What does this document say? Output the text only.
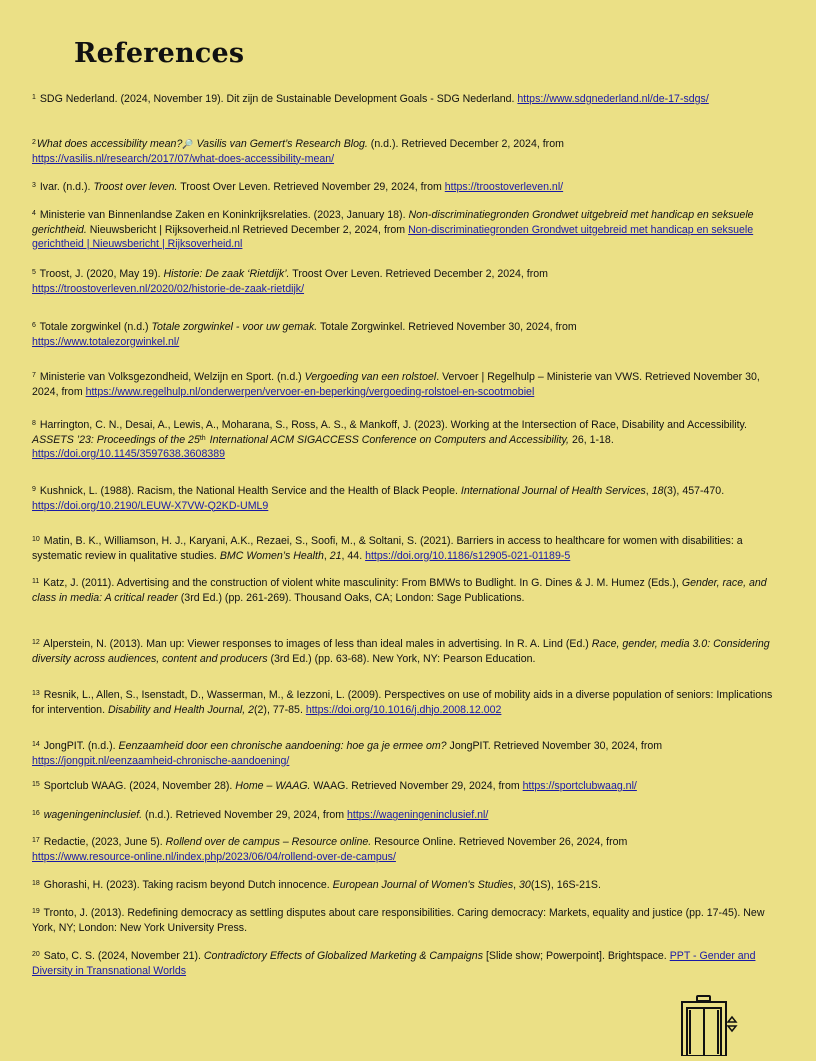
References
$^1$ SDG Nederland. (2024, November 19). Dit zijn de Sustainable Development Goals - SDG Nederland. https://www.sdgnederland.nl/de-17-sdgs/
$^2$What does accessibility mean?🔎 Vasilis van Gemert’s Research Blog. (n.d.). Retrieved December 2, 2024, from
https://vasilis.nl/research/2017/07/what-does-accessibility-mean/
$^3$ Ivar. (n.d.). Troost over leven. Troost Over Leven. Retrieved November 29, 2024, from https://troostoverleven.nl/
$^4$ Ministerie van Binnenlandse Zaken en Koninkrijksrelaties. (2023, January 18). Non-discriminatiegronden Grondwet uitgebreid met handicap en seksuele gerichtheid. Nieuwsbericht | Rijksoverheid.nl Retrieved December 2, 2024, from Non-discriminatiegronden Grondwet uitgebreid met handicap en seksuele gerichtheid | Nieuwsbericht | Rijksoverheid.nl
$^5$ Troost, J. (2020, May 19). Historie: De zaak ‘Rietdijk’. Troost Over Leven. Retrieved December 2, 2024, from
https://troostoverleven.nl/2020/02/historie-de-zaak-rietdijk/
$^6$ Totale zorgwinkel (n.d.) Totale zorgwinkel - voor uw gemak. Totale Zorgwinkel. Retrieved November 30, 2024, from
https://www.totalezorgwinkel.nl/
$^7$ Ministerie van Volksgezondheid, Welzijn en Sport. (n.d.) Vergoeding van een rolstoel. Vervoer | Regelhulp – Ministerie van VWS. Retrieved November 30, 2024, from https://www.regelhulp.nl/onderwerpen/vervoer-en-beperking/vergoeding-rolstoel-en-scootmobiel
$^8$ Harrington, C. N., Desai, A., Lewis, A., Moharana, S., Ross, A. S., & Mankoff, J. (2023). Working at the Intersection of Race, Disability and Accessibility. ASSETS ’23: Proceedings of the 25th International ACM SIGACCESS Conference on Computers and Accessibility, 26, 1-18.
https://doi.org/10.1145/3597638.3608389
$^9$ Kushnick, L. (1988). Racism, the National Health Service and the Health of Black People. International Journal of Health Services, 18(3), 457-470. https://doi.org/10.2190/LEUW-X7VW-Q2KD-UML9
$^{10}$ Matin, B. K., Williamson, H. J., Karyani, A.K., Rezaei, S., Soofi, M., & Soltani, S. (2021). Barriers in access to healthcare for women with disabilities: a systematic review in qualitative studies. BMC Women’s Health, 21, 44. https://doi.org/10.1186/s12905-021-01189-5
$^{11}$ Katz, J. (2011). Advertising and the construction of violent white masculinity: From BMWs to Budlight. In G. Dines & J. M. Humez (Eds.), Gender, race, and class in media: A critical reader (3rd Ed.) (pp. 261-269). Thousand Oaks, CA; London: Sage Publications.
$^{12}$ Alperstein, N. (2013). Man up: Viewer responses to images of less than ideal males in advertising. In R. A. Lind (Ed.) Race, gender, media 3.0: Considering diversity across audiences, content and producers (3rd Ed.) (pp. 63-68). New York, NY: Pearson Education.
$^{13}$ Resnik, L., Allen, S., Isenstadt, D., Wasserman, M., & Iezzoni, L. (2009). Perspectives on use of mobility aids in a diverse population of seniors: Implications for intervention. Disability and Health Journal, 2(2), 77-85. https://doi.org/10.1016/j.dhjo.2008.12.002
$^{14}$ JongPIT. (n.d.). Eenzaamheid door een chronische aandoening: hoe ga je ermee om? JongPIT. Retrieved November 30, 2024, from https://jongpit.nl/eenzaamheid-chronische-aandoening/
$^{15}$ Sportclub WAAG. (2024, November 28). Home – WAAG. WAAG. Retrieved November 29, 2024, from https://sportclubwaag.nl/
$^{16}$ wageningeninclusief. (n.d.). Retrieved November 29, 2024, from https://wageningeninclusief.nl/
$^{17}$ Redactie, (2023, June 5). Rollend over de campus – Resource online. Resource Online. Retrieved November 26, 2024, from
https://www.resource-online.nl/index.php/2023/06/04/rollend-over-de-campus/
$^{18}$ Ghorashi, H. (2023). Taking racism beyond Dutch innocence. European Journal of Women's Studies, 30(1S), 16S-21S.
$^{19}$ Tronto, J. (2013). Redefining democracy as settling disputes about care responsibilities. Caring democracy: Markets, equality and justice (pp. 17-45). New York, NY; London: New York University Press.
$^{20}$ Sato, C. S. (2024, November 21). Contradictory Effects of Globalized Marketing & Campaigns [Slide show; Powerpoint]. Brightspace. PPT - Gender and Diversity in Transnational Worlds
